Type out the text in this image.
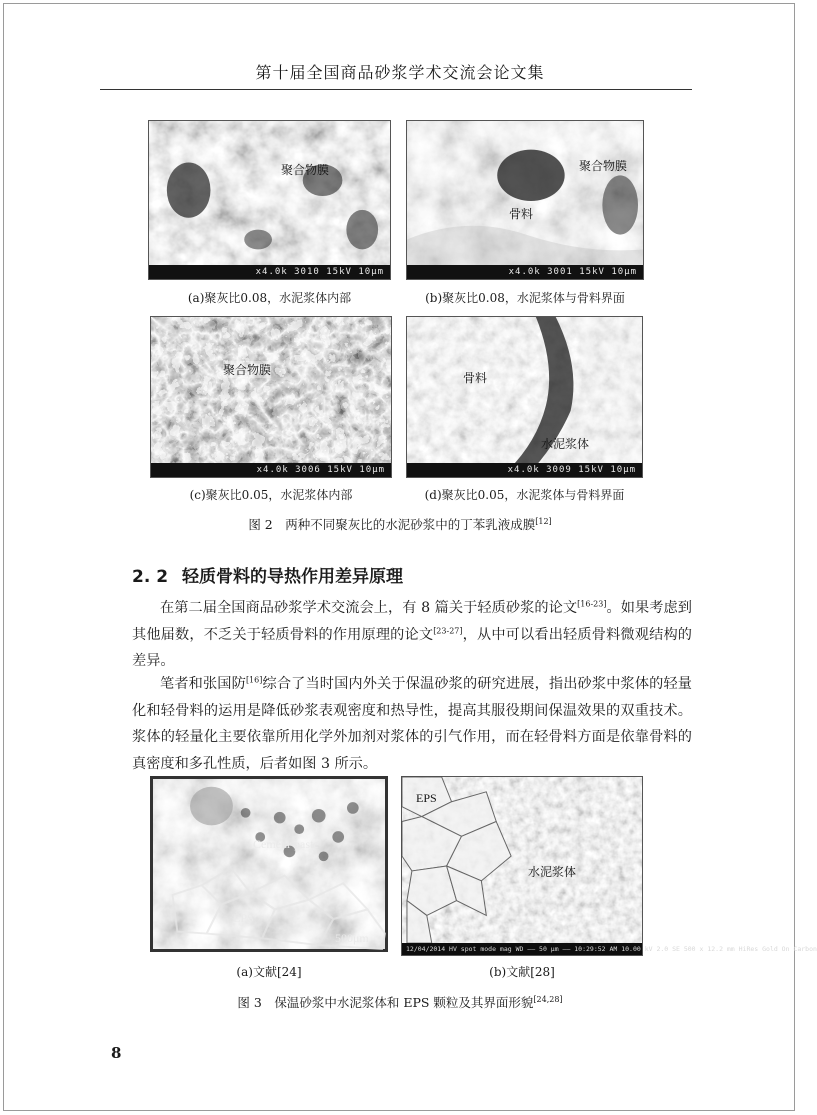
第十届全国商品砂浆学术交流会论文集
聚合物膜
x4.0k 3010 15kV 10μm
(a)聚灰比0.08，水泥浆体内部
聚合物膜
骨料
x4.0k 3001 15kV 10μm
(b)聚灰比0.08，水泥浆体与骨料界面
聚合物膜
x4.0k 3006 15kV 10μm
(c)聚灰比0.05，水泥浆体内部
骨料
水泥浆体
x4.0k 3009 15kV 10μm
(d)聚灰比0.05，水泥浆体与骨料界面
图 2　两种不同聚灰比的水泥砂浆中的丁苯乳液成膜[12]
2. 2 轻质骨料的导热作用差异原理
在第二届全国商品砂浆学术交流会上，有 8 篇关于轻质砂浆的论文[16-23]。如果考虑到其他届数，不乏关于轻质骨料的作用原理的论文[23-27]，从中可以看出轻质骨料微观结构的差异。
笔者和张国防[16]综合了当时国内外关于保温砂浆的研究进展，指出砂浆中浆体的轻量化和轻骨料的运用是降低砂浆表观密度和热导性，提高其服役期间保温效果的双重技术。浆体的轻量化主要依靠所用化学外加剂对浆体的引气作用，而在轻骨料方面是依靠骨料的真密度和多孔性质，后者如图 3 所示。
Cemenr paste
EPS
500μm
(a)文献[24]
EPS
水泥浆体
12/04/2014 HV spot mode mag WD —— 50 μm —— 10:29:52 AM 10.00 kV 2.0 SE 500 x 12.2 mm HiRes Gold On Carbon
(b)文献[28]
图 3　保温砂浆中水泥浆体和 EPS 颗粒及其界面形貌[24,28]
8
